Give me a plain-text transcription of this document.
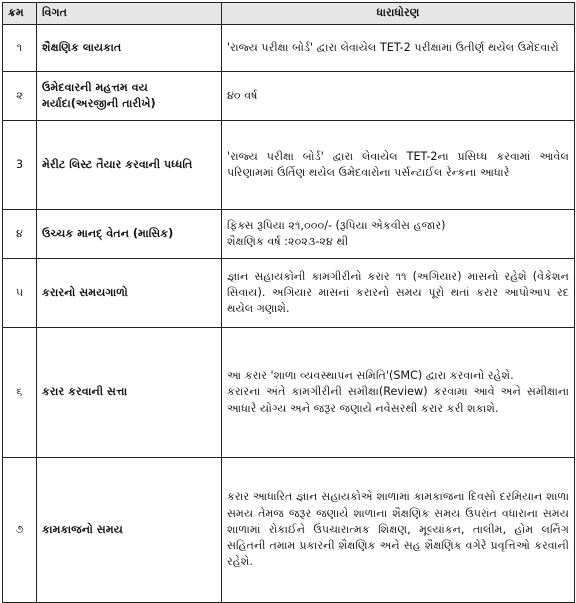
ક્રમ	વિગત	ધારાધોરણ
૧	શૈક્ષણિક લાયકાત	'રાજ્ય પરીક્ષા બોર્ડ' દ્વારા લેવાયેલ TET-2 પરીક્ષામાં ઉતીર્ણ થયેલ ઉમેદવારો
૨	ઉમેદવારની મહત્તમ વય મર્યાદા(અરજીની તારીખે)	૪૦ વર્ષ
3	મેરીટ લિસ્ટ તૈયાર કરવાની પધ્ધતિ	'રાજ્ય પરીક્ષા બોર્ડ' દ્વારા લેવાયેલ TET-2ના પ્રસિધ્ધ કરવામાં આવેલ પરિણામમાં ઉર્તિણ થયેલ ઉમેદવારોના પર્સન્ટાઈલ રેન્કના આધારે
૪	ઉચ્ચક માનદ્ વેતન (માસિક)	ફિક્સ રૂપિયા ૨૧,૦૦૦/- (રૂપિયા એકવીસ હજાર)
શૈક્ષણિક વર્ષ :૨૦૨૩-૨૪ થી

૫	કરારનો સમયગાળો	જ્ઞાન સહાયકોની કામગીરીનો કરાર ૧૧ (અગિયાર) માસનો રહેશે (વેકેશન સિવાય). અગિયાર માસનાં કરારનો સમય પૂરો થતાં કરાર આપોઆપ રદ થયેલ ગણાશે.
૬	કરાર કરવાની સત્તા	આ કરાર 'શાળા વ્યવસ્થાપન સમિતિ'(SMC) દ્વારા કરવાનો રહેશે.
કરારના અંતે કામગીરીની સમીક્ષા(Review) કરવામા આવે અને સમીક્ષાના આધારે યોગ્ય અને જરૂર જણાયે નવેસરથી કરાર કરી શકાશે.

૭	કામકાજનો સમય	કરાર આધારિત જ્ઞાન સહાયકોએ શાળામાં કામકાજનાં દિવસો દરમિયાન શાળા સમય તેમજ જરૂર જણાયે શાળાના શૈક્ષણિક સમય ઉપરાંત વધારાના સમય શાળામાં રોકાઈને ઉપચારાત્મક શિક્ષણ, મૂલ્યાંકન, તાલીમ, હોમ લર્નિંગ સહિતની તમામ પ્રકારની શૈક્ષણિક અને સહ શૈક્ષણિક વગેરે પ્રવૃત્તિઓ કરવાની રહેશે.
